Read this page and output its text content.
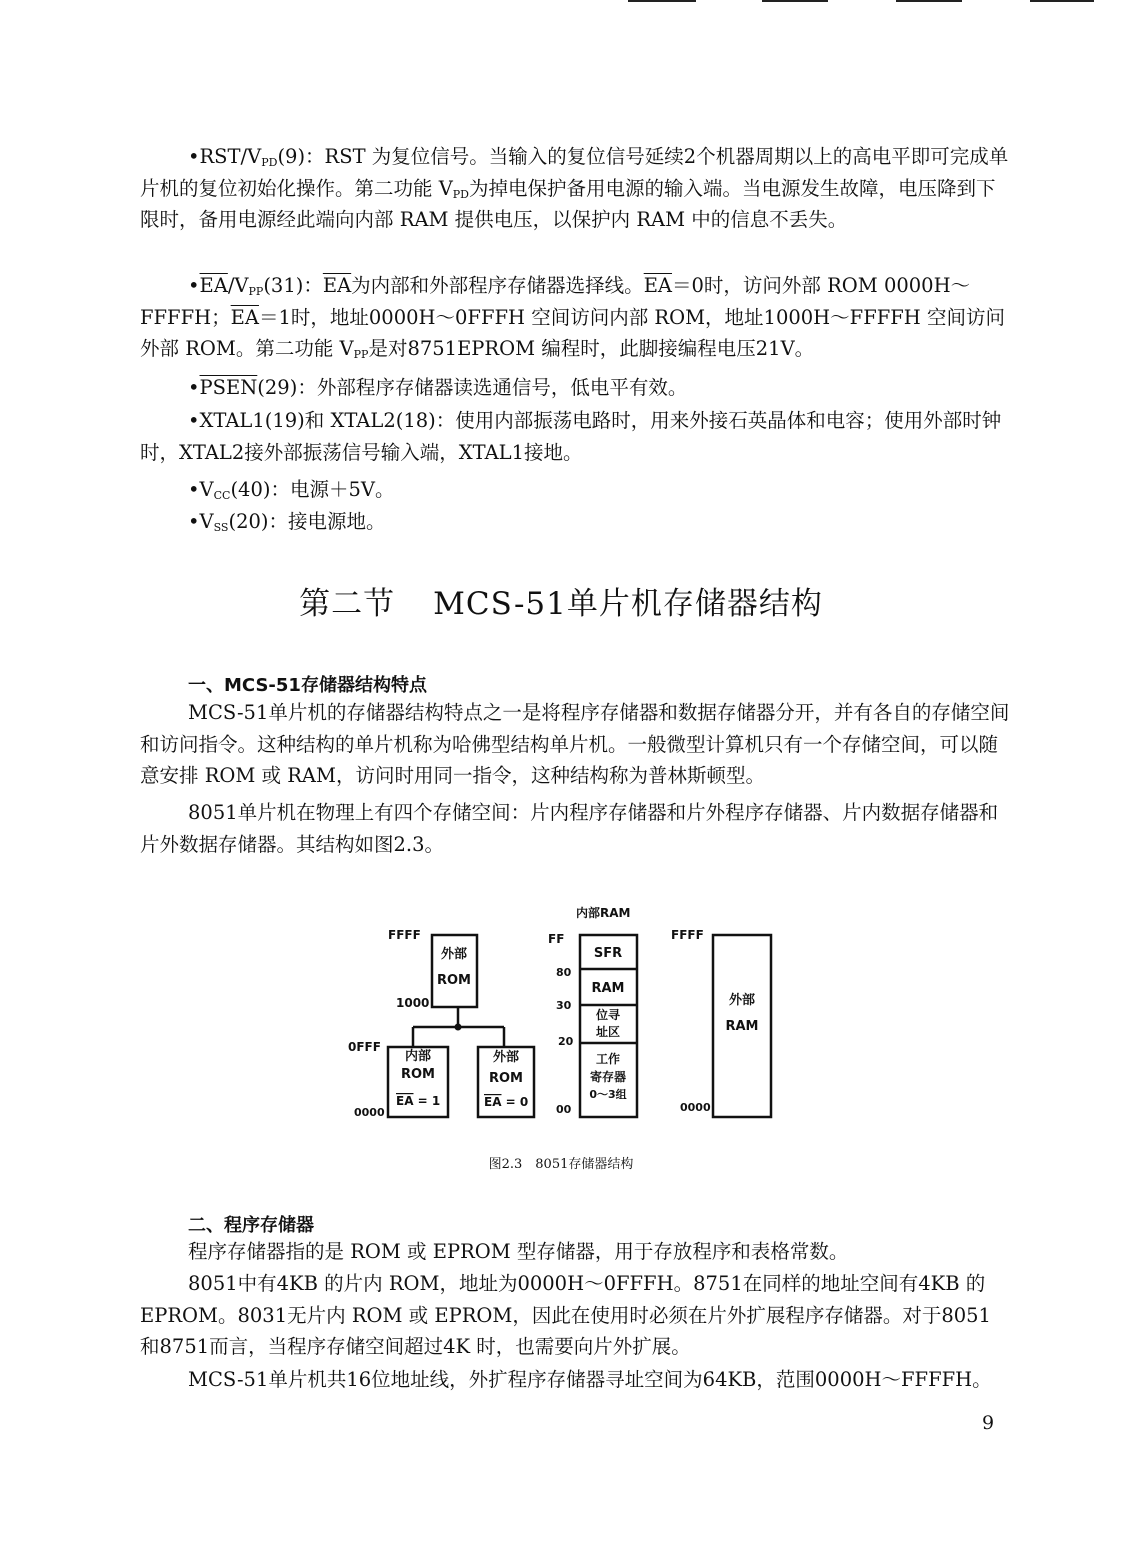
$•RST/V_{PD}(9)$：RST 为复位信号。当输入的复位信号延续2个机器周期以上的高电平即可完成单片机的复位初始化操作。第二功能 $V_{PD}$为掉电保护备用电源的输入端。当电源发生故障，电压降到下限时，备用电源经此端向内部 RAM 提供电压，以保护内 RAM 中的信息不丢失。
$•\overline{EA}/V_{PP}(31)$：$\overline{EA}$为内部和外部程序存储器选择线。$\overline{EA}=0$时，访问外部 ROM 0000H～FFFFH；$\overline{EA}=1$时，地址0000H～0FFFH 空间访问内部 ROM，地址1000H～FFFFH 空间访问外部 ROM。第二功能 $V_{PP}$是对8751EPROM 编程时，此脚接编程电压21V。
•PSEN(29)：外部程序存储器读选通信号，低电平有效。
•XTAL1(19)和 XTAL2(18)：使用内部振荡电路时，用来外接石英晶体和电容；使用外部时钟时，XTAL2接外部振荡信号输入端，XTAL1接地。
$•V_{CC}(40)$：电源＋5V。
$•V_{SS}(20)$：接电源地。
第二节 MCS-51单片机存储器结构
一、MCS-51存储器结构特点
MCS-51单片机的存储器结构特点之一是将程序存储器和数据存储器分开，并有各自的存储空间和访问指令。这种结构的单片机称为哈佛型结构单片机。一般微型计算机只有一个存储空间，可以随意安排 ROM 或 RAM，访问时用同一指令，这种结构称为普林斯顿型。
8051单片机在物理上有四个存储空间：片内程序存储器和片外程序存储器、片内数据存储器和片外数据存储器。其结构如图2.3。
FFFF
外部
ROM
1000
0FFF
内部
ROM
EA = 1
0000
外部
ROM
EA = 0
内部RAM
FF
80
30
20
00
SFR
RAM
位寻
址区
工作
寄存器
0～3组
FFFF
外部
RAM
0000
图2.3　8051存储器结构
二、程序存储器
程序存储器指的是 ROM 或 EPROM 型存储器，用于存放程序和表格常数。
8051中有4KB 的片内 ROM，地址为0000H～0FFFH。8751在同样的地址空间有4KB 的EPROM。8031无片内 ROM 或 EPROM，因此在使用时必须在片外扩展程序存储器。对于8051和8751而言，当程序存储空间超过4K 时，也需要向片外扩展。
MCS-51单片机共16位地址线，外扩程序存储器寻址空间为64KB，范围0000H～FFFFH。
9
